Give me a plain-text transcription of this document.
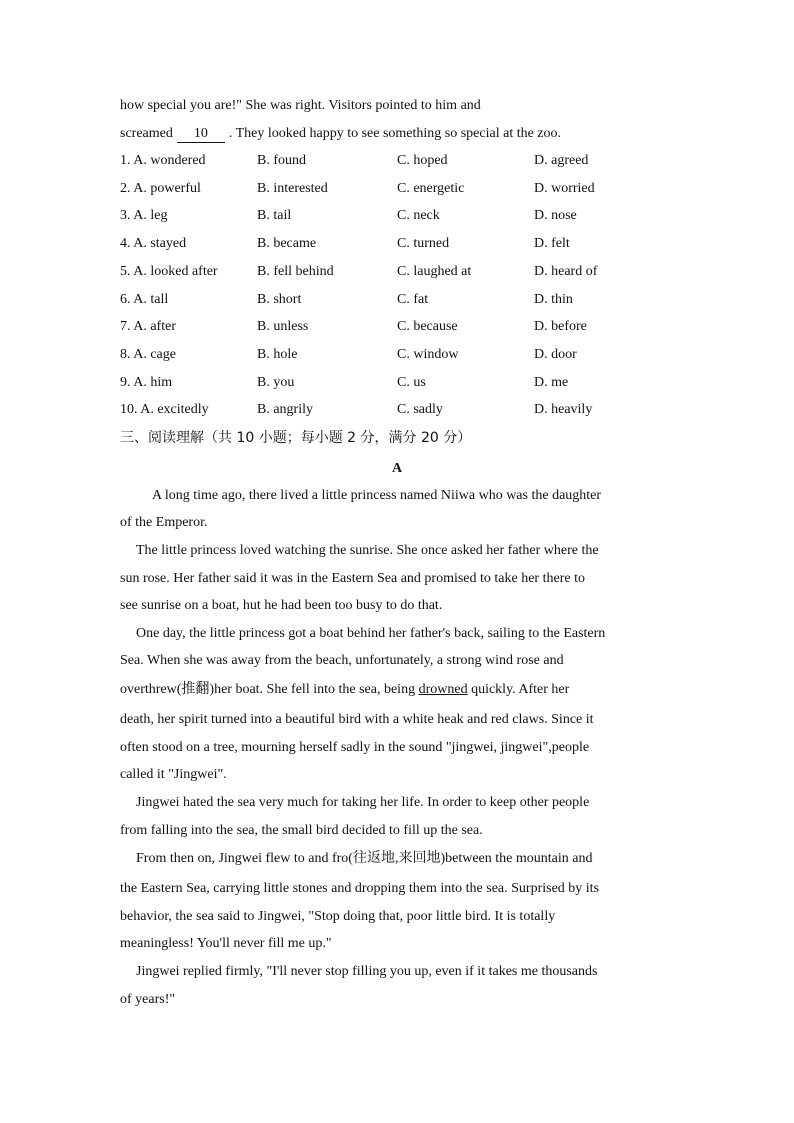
how special you are!" She was right. Visitors pointed to him and
screamed 10 . They looked happy to see something so special at the zoo.
1. A. wondered	B. found	C. hoped	D. agreed
2. A. powerful	B. interested	C. energetic	D. worried
3. A. leg	B. tail	C. neck	D. nose
4. A. stayed	B. became	C. turned	D. felt
5. A. looked after	B. fell behind	C. laughed at	D. heard of
6. A. tall	B. short	C. fat	D. thin
7. A. after	B. unless	C. because	D. before
8. A. cage	B. hole	C. window	D. door
9. A. him	B. you	C. us	D. me
10. A. excitedly	B. angrily	C. sadly	D. heavily
三、阅读理解（共 10 小题；每小题 2 分，满分 20 分）
A
A long time ago, there lived a little princess named Niiwa who was the daughter
of the Emperor.
The little princess loved watching the sunrise. She once asked her father where the
sun rose. Her father said it was in the Eastern Sea and promised to take her there to
see sunrise on a boat, hut he had been too busy to do that.
One day, the little princess got a boat behind her father's back, sailing to the Eastern
Sea. When she was away from the beach, unfortunately, a strong wind rose and
overthrew(推翻)her boat. She fell into the sea, being drowned quickly. After her
death, her spirit turned into a beautiful bird with a white heak and red claws. Since it
often stood on a tree, mourning herself sadly in the sound "jingwei, jingwei",people
called it "Jingwei".
Jingwei hated the sea very much for taking her life. In order to keep other people
from falling into the sea, the small bird decided to fill up the sea.
From then on, Jingwei flew to and fro(往返地,来回地)between the mountain and
the Eastern Sea, carrying little stones and dropping them into the sea. Surprised by its
behavior, the sea said to Jingwei, "Stop doing that, poor little bird. It is totally
meaningless! You'll never fill me up."
Jingwei replied firmly, "I'll never stop filling you up, even if it takes me thousands
of years!"
